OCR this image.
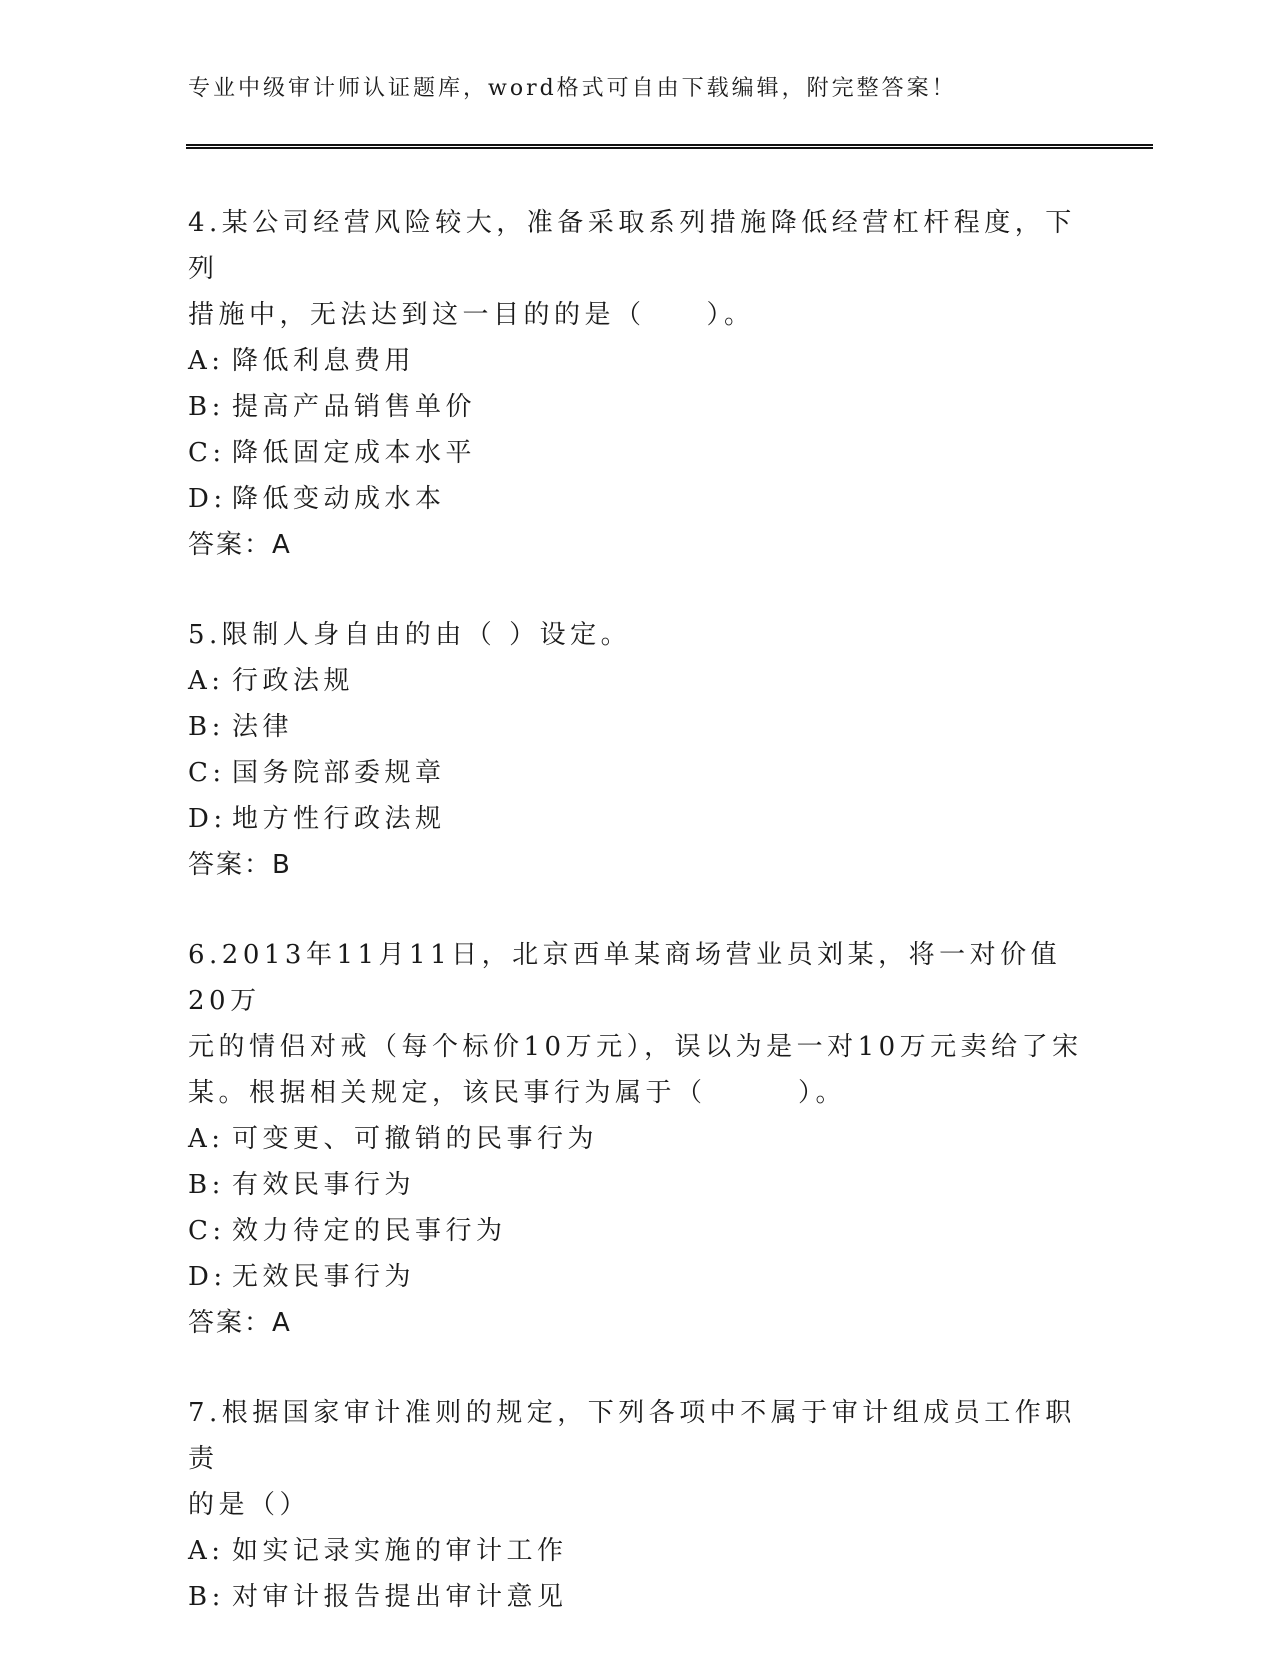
专业中级审计师认证题库，word格式可自由下载编辑，附完整答案！

4.某公司经营风险较大，准备采取系列措施降低经营杠杆程度，下列

措施中，无法达到这一目的的是（　　）。

A: 降低利息费用

B: 提高产品销售单价

C: 降低固定成本水平

D: 降低变动成水本

答案：A

5.限制人身自由的由（ ）设定。

A: 行政法规

B: 法律

C: 国务院部委规章

D: 地方性行政法规

答案：B

6.2013年11月11日，北京西单某商场营业员刘某，将一对价值20万

元的情侣对戒（每个标价10万元），误以为是一对10万元卖给了宋

某。根据相关规定，该民事行为属于（　　　）。

A: 可变更、可撤销的民事行为

B: 有效民事行为

C: 效力待定的民事行为

D: 无效民事行为

答案：A

7.根据国家审计准则的规定，下列各项中不属于审计组成员工作职责

的是（）

A: 如实记录实施的审计工作

B: 对审计报告提出审计意见
